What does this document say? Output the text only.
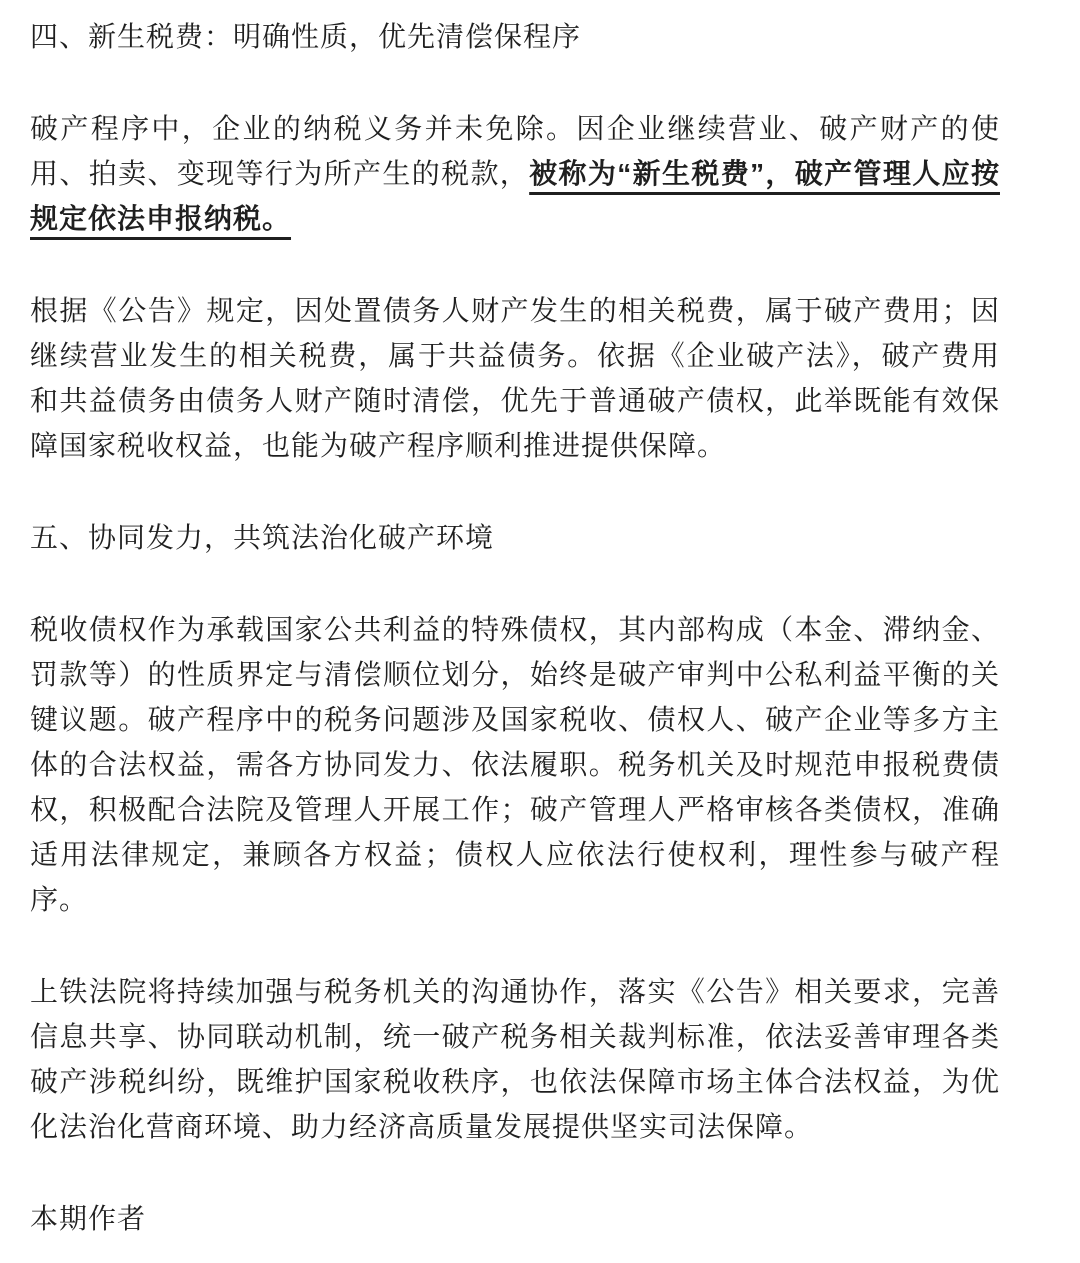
四、新生税费：明确性质，优先清偿保程序

破产程序中，企业的纳税义务并未免除。因企业继续营业、破产财产的使用、拍卖、变现等行为所产生的税款，被称为“新生税费”，破产管理人应按规定依法申报纳税。

根据《公告》规定，因处置债务人财产发生的相关税费，属于破产费用；因继续营业发生的相关税费，属于共益债务。依据《企业破产法》，破产费用和共益债务由债务人财产随时清偿，优先于普通破产债权，此举既能有效保障国家税收权益，也能为破产程序顺利推进提供保障。

五、协同发力，共筑法治化破产环境

税收债权作为承载国家公共利益的特殊债权，其内部构成（本金、滞纳金、罚款等）的性质界定与清偿顺位划分，始终是破产审判中公私利益平衡的关键议题。破产程序中的税务问题涉及国家税收、债权人、破产企业等多方主体的合法权益，需各方协同发力、依法履职。税务机关及时规范申报税费债权，积极配合法院及管理人开展工作；破产管理人严格审核各类债权，准确适用法律规定，兼顾各方权益；债权人应依法行使权利，理性参与破产程序。

上铁法院将持续加强与税务机关的沟通协作，落实《公告》相关要求，完善信息共享、协同联动机制，统一破产税务相关裁判标准，依法妥善审理各类破产涉税纠纷，既维护国家税收秩序，也依法保障市场主体合法权益，为优化法治化营商环境、助力经济高质量发展提供坚实司法保障。

本期作者
